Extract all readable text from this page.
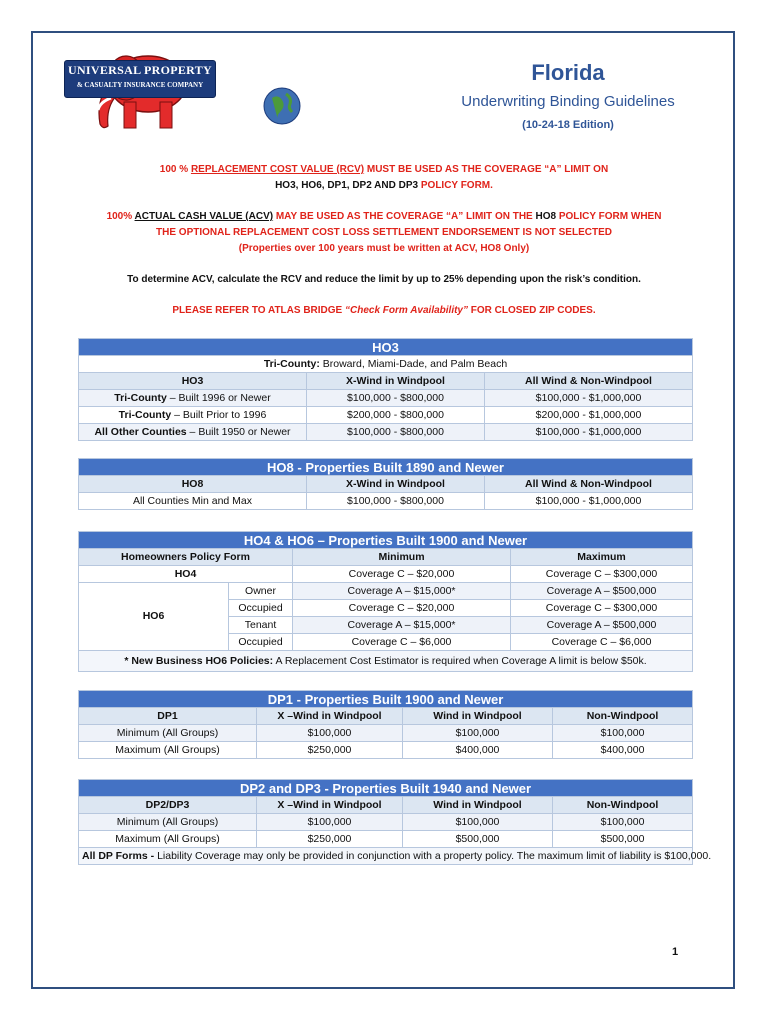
UNIVERSAL PROPERTY
& CASUALTY INSURANCE COMPANY	Florida
Underwriting Binding Guidelines
(10-24-18 Edition)
100 % REPLACEMENT COST VALUE (RCV) MUST BE USED AS THE COVERAGE “A” LIMIT ON
HO3, HO6, DP1, DP2 AND DP3 POLICY FORM.
100% ACTUAL CASH VALUE (ACV) MAY BE USED AS THE COVERAGE “A” LIMIT ON THE HO8 POLICY FORM WHEN
THE OPTIONAL REPLACEMENT COST LOSS SETTLEMENT ENDORSEMENT IS NOT SELECTED
(Properties over 100 years must be written at ACV, HO8 Only)
To determine ACV, calculate the RCV and reduce the limit by up to 25% depending upon the risk’s condition.
PLEASE REFER TO ATLAS BRIDGE “Check Form Availability” FOR CLOSED ZIP CODES.
HO3		
Tri-County: Broward, Miami-Dade, and Palm Beach		
HO3	X-Wind in Windpool	All Wind & Non-Windpool
Tri-County – Built 1996 or Newer	$100,000 - $800,000	$100,000 - $1,000,000
Tri-County – Built Prior to 1996	$200,000 - $800,000	$200,000 - $1,000,000
All Other Counties – Built 1950 or Newer	$100,000 - $800,000	$100,000 - $1,000,000
HO8 - Properties Built 1890 and Newer		
HO8	X-Wind in Windpool	All Wind & Non-Windpool
All Counties Min and Max	$100,000 - $800,000	$100,000 - $1,000,000
HO4 & HO6 – Properties Built 1900 and Newer			
Homeowners Policy Form		Minimum	Maximum
HO4		Coverage C – $20,000	Coverage C – $300,000
HO6	Owner	Coverage A – $15,000*	Coverage A – $500,000
	Occupied	Coverage C – $20,000	Coverage C – $300,000
	Tenant	Coverage A – $15,000*	Coverage A – $500,000
	Occupied	Coverage C – $6,000	Coverage C – $6,000
* New Business HO6 Policies: A Replacement Cost Estimator is required when Coverage A limit is below $50k.			
DP1 - Properties Built 1900 and Newer			
DP1	X –Wind in Windpool	Wind in Windpool	Non-Windpool
Minimum (All Groups)	$100,000	$100,000	$100,000
Maximum (All Groups)	$250,000	$400,000	$400,000
DP2 and DP3 - Properties Built 1940 and Newer			
DP2/DP3	X –Wind in Windpool	Wind in Windpool	Non-Windpool
Minimum (All Groups)	$100,000	$100,000	$100,000
Maximum (All Groups)	$250,000	$500,000	$500,000
All DP Forms - Liability Coverage may only be provided in conjunction with a property policy. The maximum limit of liability is $100,000.			
1
